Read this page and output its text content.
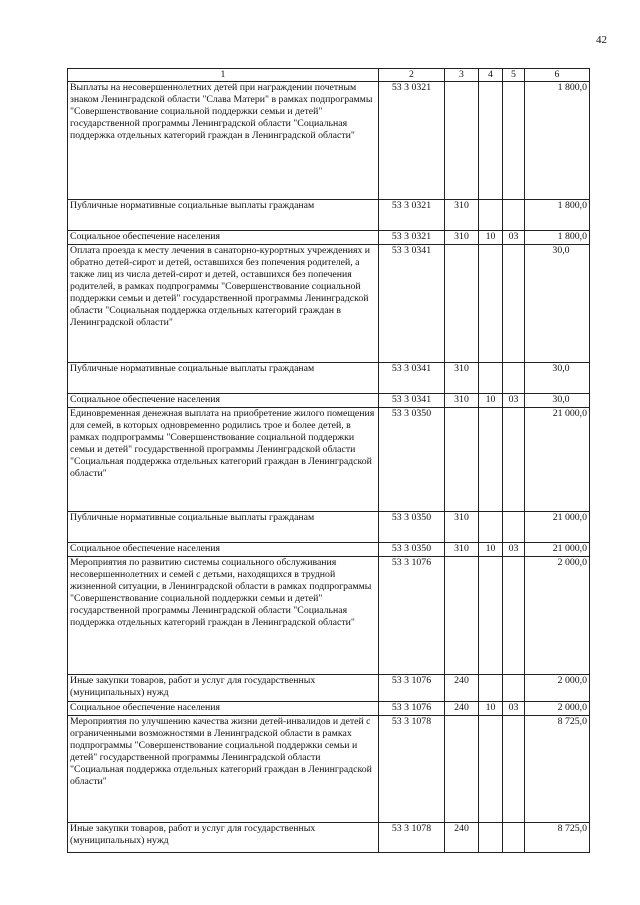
42
1	2	3	4	5	6
Выплаты на несовершеннолетних детей при награждении почетным знаком Ленинградской области "Слава Матери" в рамках подпрограммы "Совершенствование социальной поддержки семьи и детей" государственной программы Ленинградской области "Социальная поддержка отдельных категорий граждан в Ленинградской области"	53 3 0321				1 800,0
Публичные нормативные социальные выплаты гражданам	53 3 0321	310			1 800,0
Социальное обеспечение населения	53 3 0321	310	10	03	1 800,0
Оплата проезда к месту лечения в санаторно-курортных учреждениях и обратно детей-сирот и детей, оставшихся без попечения родителей, а также лиц из числа детей-сирот и детей, оставшихся без попечения родителей, в рамках подпрограммы "Совершенствование социальной поддержки семьи и детей" государственной программы Ленинградской области "Социальная поддержка отдельных категорий граждан в Ленинградской области"	53 3 0341				30,0
Публичные нормативные социальные выплаты гражданам	53 3 0341	310			30,0
Социальное обеспечение населения	53 3 0341	310	10	03	30,0
Единовременная денежная выплата на приобретение жилого помещения для семей, в которых одновременно родились трое и более детей, в рамках подпрограммы "Совершенствование социальной поддержки семьи и детей" государственной программы Ленинградской области "Социальная поддержка отдельных категорий граждан в Ленинградской области"	53 3 0350				21 000,0
Публичные нормативные социальные выплаты гражданам	53 3 0350	310			21 000,0
Социальное обеспечение населения	53 3 0350	310	10	03	21 000,0
Мероприятия по развитию системы социального обслуживания несовершеннолетних и семей с детьми, находящихся в трудной жизненной ситуации, в Ленинградской области в рамках подпрограммы "Совершенствование социальной поддержки семьи и детей" государственной программы Ленинградской области "Социальная поддержка отдельных категорий граждан в Ленинградской области"	53 3 1076				2 000,0
Иные закупки товаров, работ и услуг для государственных (муниципальных) нужд	53 3 1076	240			2 000,0
Социальное обеспечение населения	53 3 1076	240	10	03	2 000,0
Мероприятия по улучшению качества жизни детей-инвалидов и детей с ограниченными возможностями в Ленинградской области в рамках подпрограммы "Совершенствование социальной поддержки семьи и детей" государственной программы Ленинградской области "Социальная поддержка отдельных категорий граждан в Ленинградской области"	53 3 1078				8 725,0
Иные закупки товаров, работ и услуг для государственных (муниципальных) нужд	53 3 1078	240			8 725,0
